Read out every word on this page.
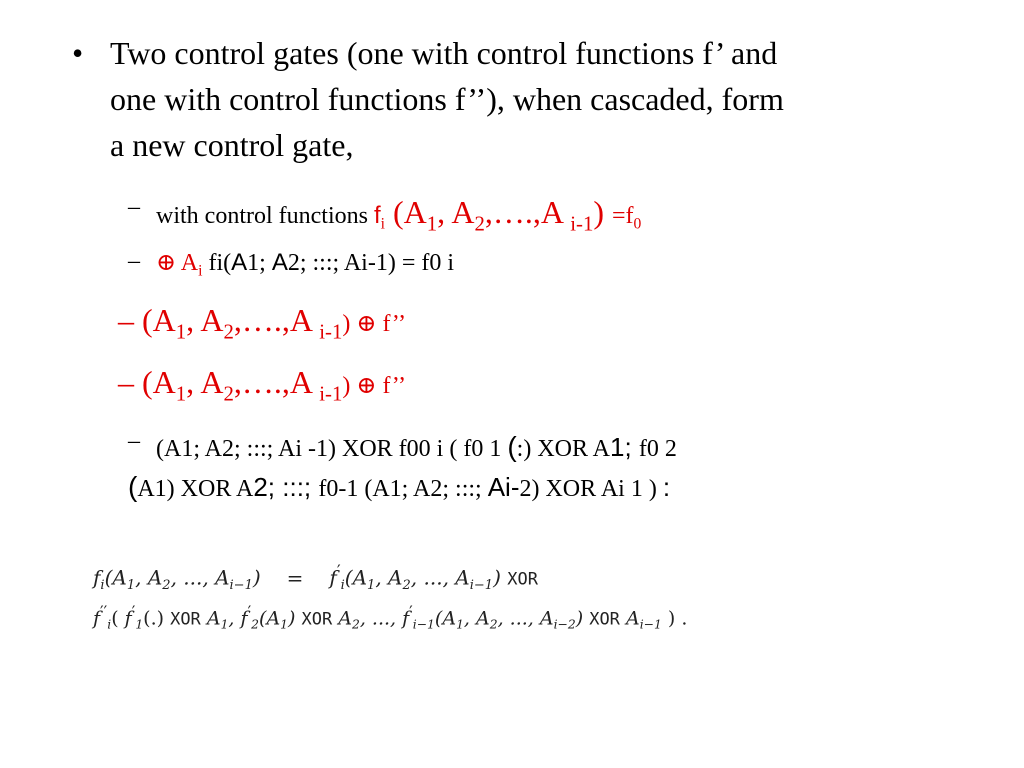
• Two control gates (one with control functions f’ and
one with control functions f’’), when cascaded, form
a new control gate,
– with control functions $f_i$ ($A_1$, $A_2,\dots.,A$ $_{i-1}) =f_0$
– ⊕ $A_i$ fi(A1; A2; :::; Ai-1) = f0 i
– ($A_1$, $A_2,\dots.,A$ $_{i-1}$) ⊕ f’’
– ($A_1$, $A_2,\dots.,A$ $_{i-1}$) ⊕ f’’
– (A1; A2; :::; Ai -1) XOR f00 i ( f0 1 (:) XOR A1; f0 2
(A1) XOR A2; :::; f0-1 (A1; A2; :::; Ai-2) XOR Ai 1 ) :
$f_i(A_1$, $A_2$, ..., $A_{i-1}) = f'_i(A_1$, $A_2$, ..., $A_{i-1}$) XOR
$f''_i$( $f'_1(.)$ XOR $A_1$, $f'_2(A_1)$ XOR $A_2$, ..., $f'_{i-1}(A_1$, $A_2$, ..., $A_{i-2}$) XOR $A_{i-1}$ ) .
